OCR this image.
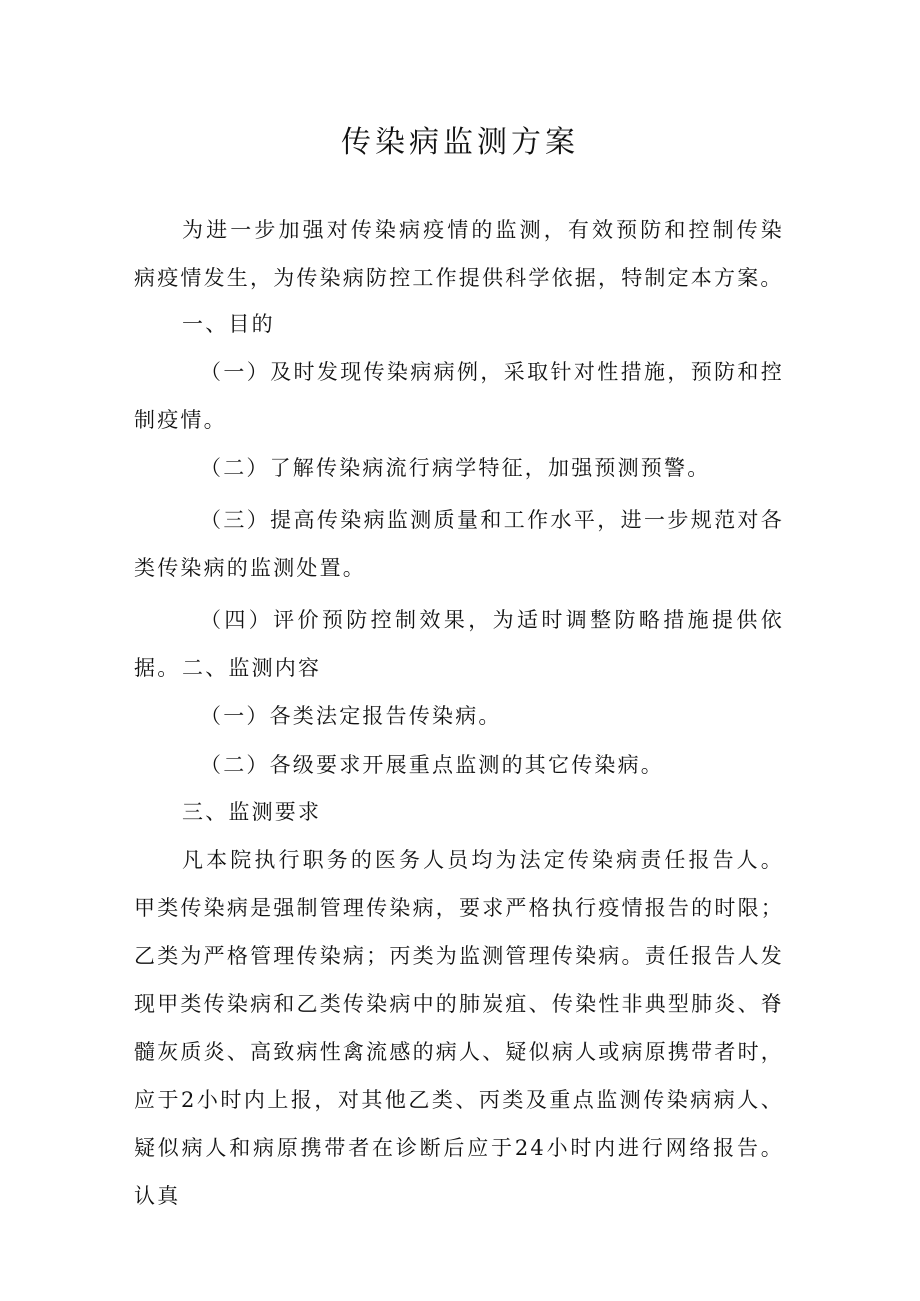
传染病监测方案

为进一步加强对传染病疫情的监测，有效预防和控制传染病疫情发生，为传染病防控工作提供科学依据，特制定本方案。

一、目的

（一）及时发现传染病病例，采取针对性措施，预防和控制疫情。

（二）了解传染病流行病学特征，加强预测预警。

（三）提高传染病监测质量和工作水平，进一步规范对各类传染病的监测处置。

（四）评价预防控制效果，为适时调整防略措施提供依据。 二、监测内容

（一）各类法定报告传染病。

（二）各级要求开展重点监测的其它传染病。

三、监测要求

凡本院执行职务的医务人员均为法定传染病责任报告人。甲类传染病是强制管理传染病，要求严格执行疫情报告的时限；乙类为严格管理传染病；丙类为监测管理传染病。责任报告人发现甲类传染病和乙类传染病中的肺炭疽、传染性非典型肺炎、脊髓灰质炎、高致病性禽流感的病人、疑似病人或病原携带者时，应于2小时内上报，对其他乙类、丙类及重点监测传染病病人、疑似病人和病原携带者在诊断后应于24小时内进行网络报告。认真
